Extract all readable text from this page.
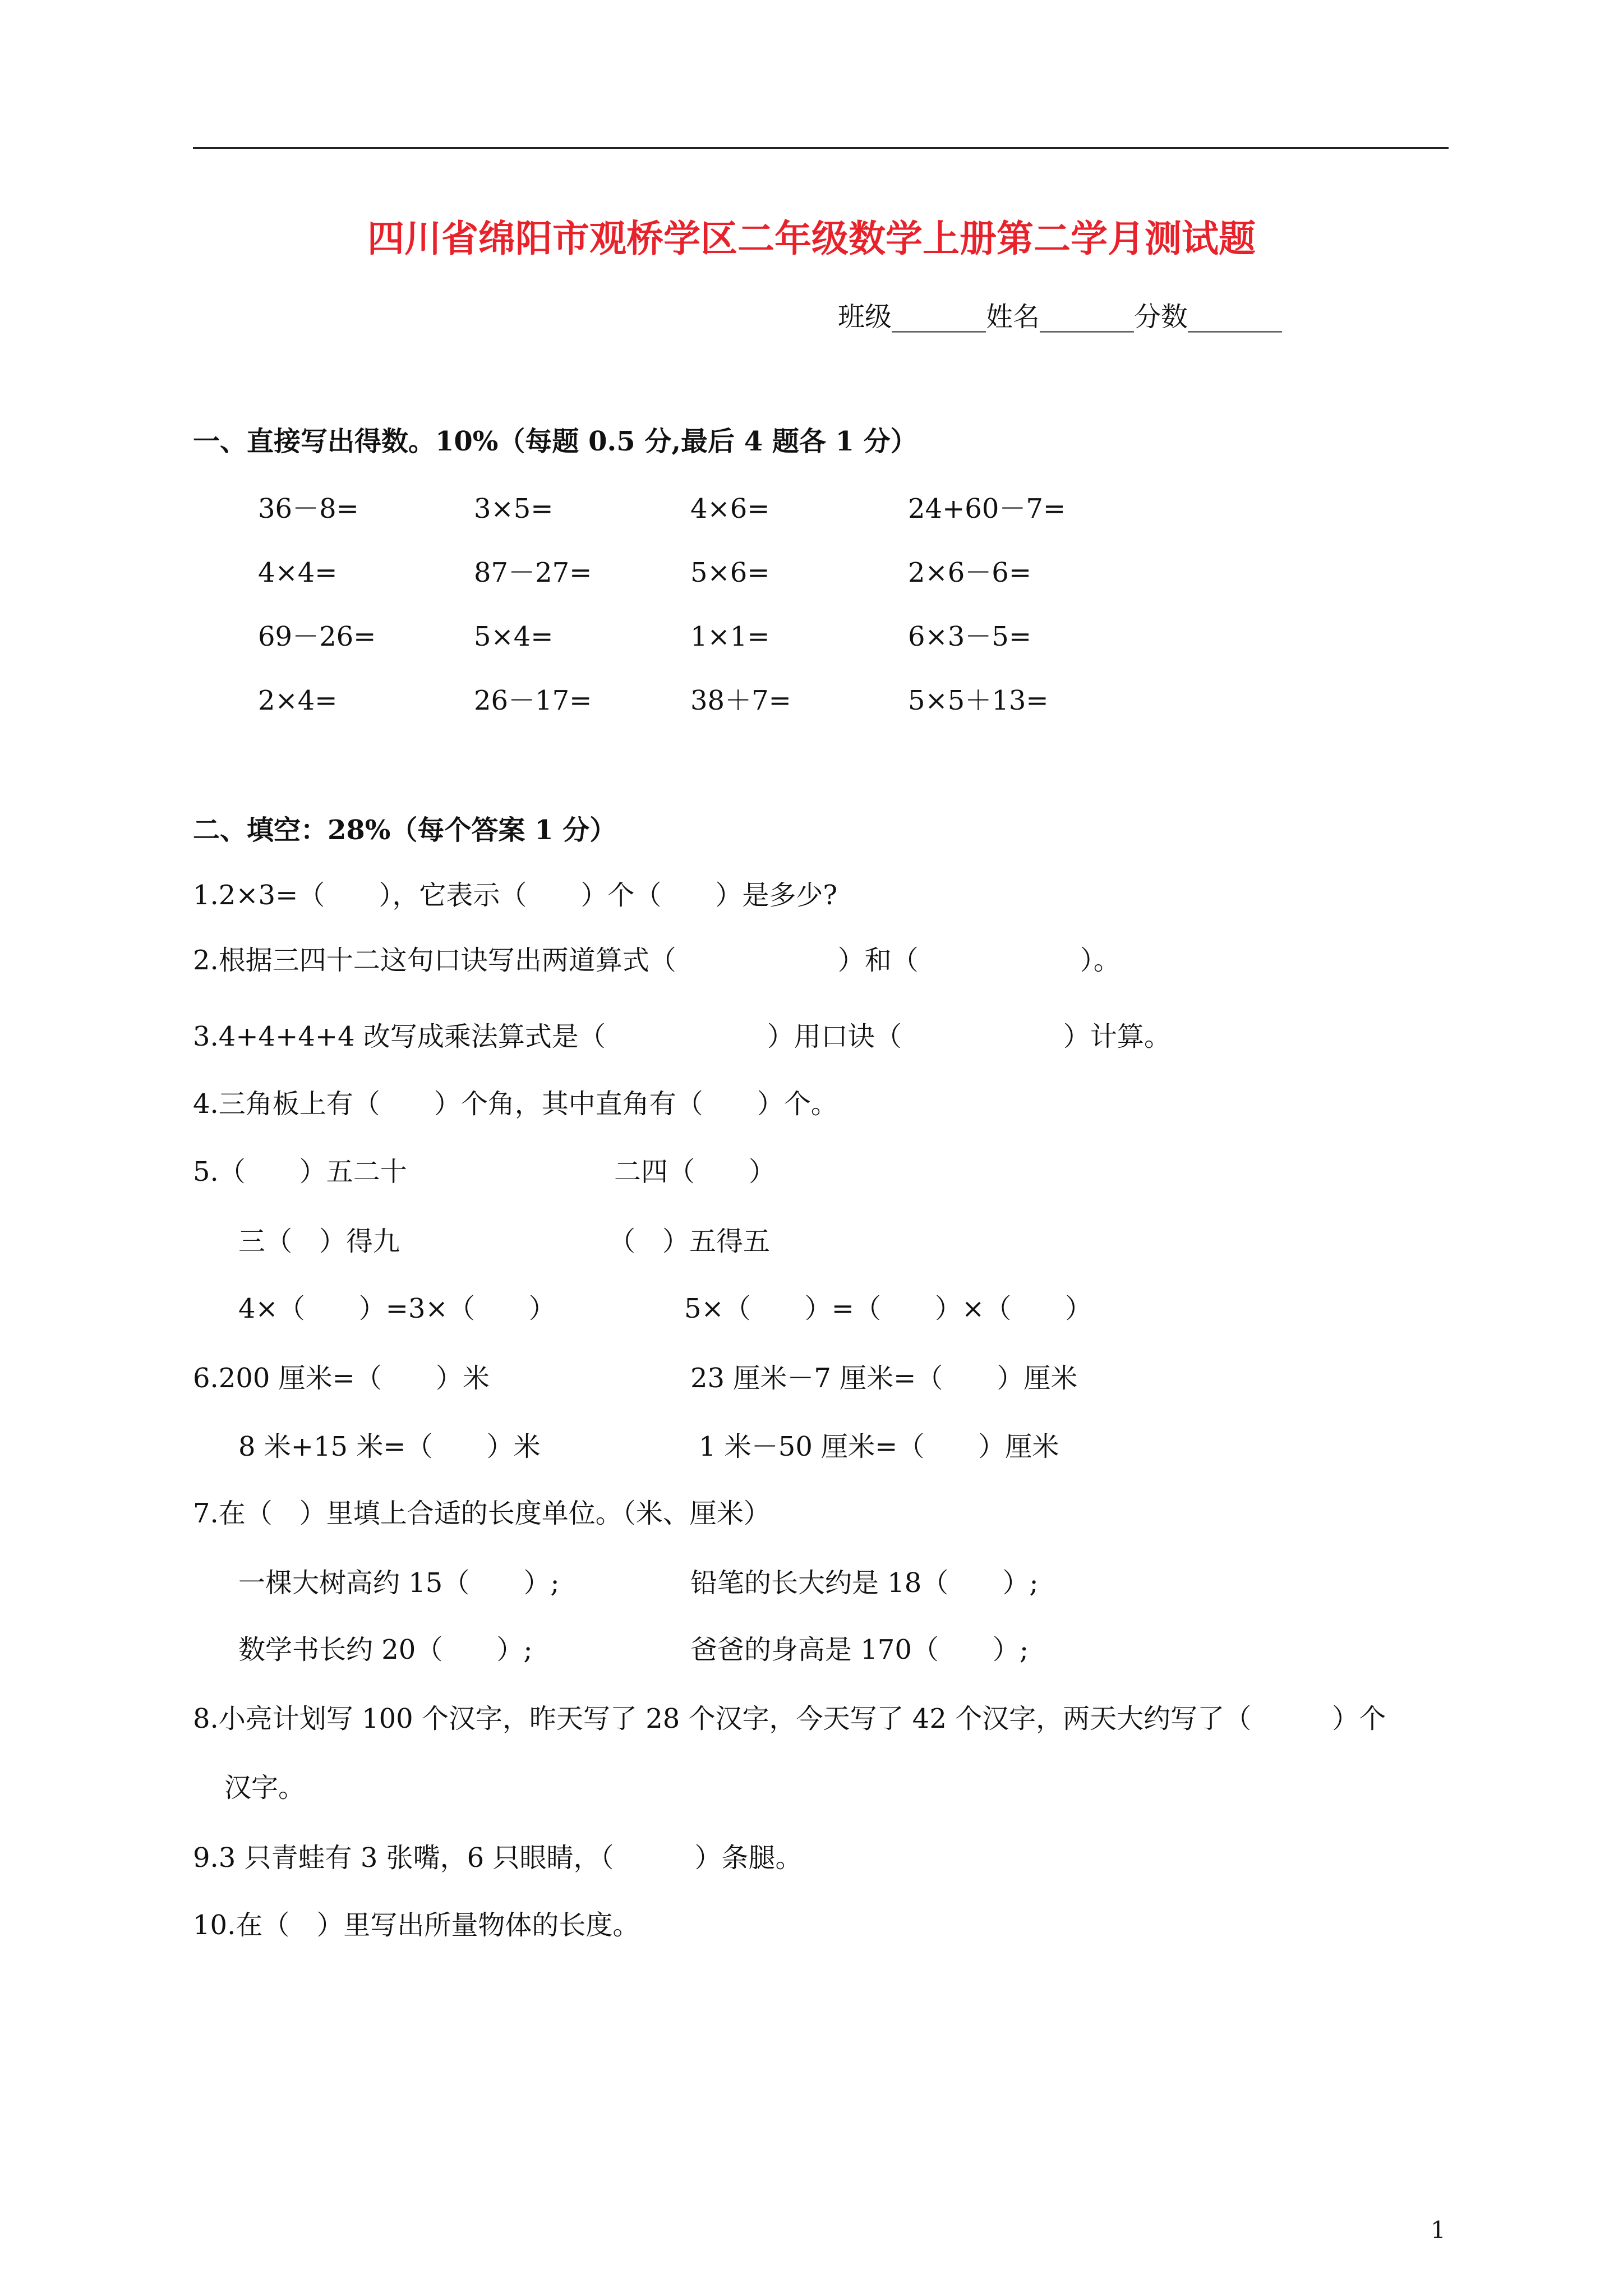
四川省绵阳市观桥学区二年级数学上册第二学月测试题
班级_______姓名_______分数_______
一、直接写出得数。10%（每题 0.5 分,最后 4 题各 1 分）
36－8=	3×5=	4×6=	24+60－7=
4×4=	87－27=	5×6=	2×6－6=
69－26=	5×4=	1×1=	6×3－5=
2×4=	26－17=	38＋7=	5×5＋13=
二、填空：28%（每个答案 1 分）
1.2×3=（　　），它表示（　　）个（　　）是多少?
2.根据三四十二这句口诀写出两道算式（　　　　　　）和（　　　　　　）。
3.4+4+4+4 改写成乘法算式是（　　　　　　）用口诀（　　　　　　）计算。
4.三角板上有（　　）个角，其中直角有（　　）个。
5.（　　）五二十	二四（　　）
三（　）得九	（　）五得五
4×（　　）=3×（　　）	5×（　　）=（　　）×（　　）
6.200 厘米=（　　）米	23 厘米－7 厘米=（　　）厘米
8 米+15 米=（　　）米	1 米－50 厘米=（　　）厘米
7.在（　）里填上合适的长度单位。（米、厘米）
一棵大树高约 15（　　）;	铅笔的长大约是 18（　　）;
数学书长约 20（　　）;	爸爸的身高是 170（　　）;
8.小亮计划写 100 个汉字，昨天写了 28 个汉字，今天写了 42 个汉字，两天大约写了（　　　）个
汉字。
9.3 只青蛙有 3 张嘴，6 只眼睛，（　　　）条腿。
10.在（　）里写出所量物体的长度。
1
